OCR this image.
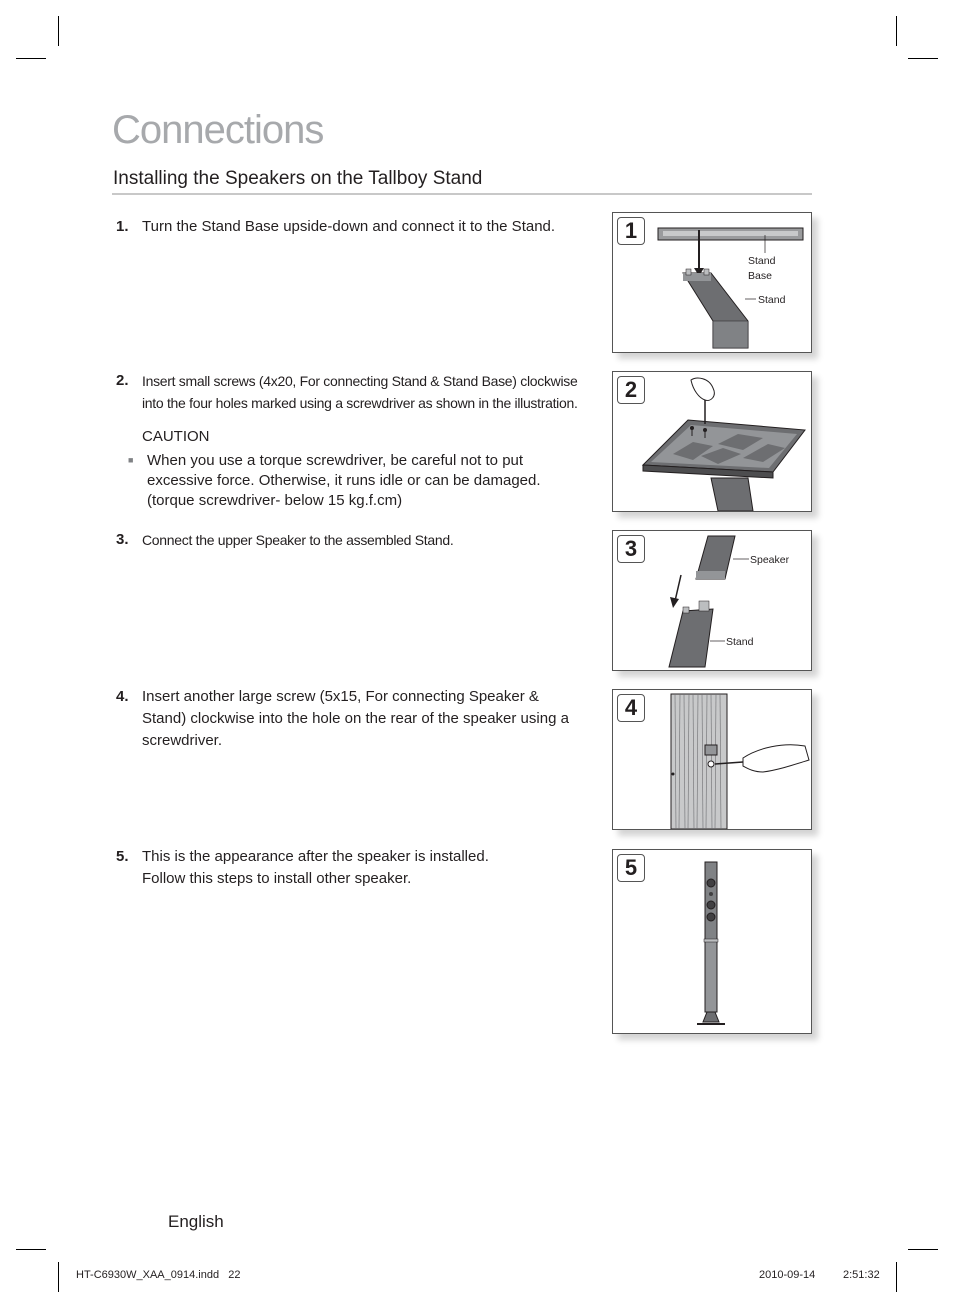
Connections
Installing the Speakers on the Tallboy Stand
1. Turn the Stand Base upside-down and connect it to the Stand.
2. Insert small screws (4x20, For connecting Stand & Stand Base) clockwise
into the four holes marked using a screwdriver as shown in the illustration.
CAUTION
■ When you use a torque screwdriver, be careful not to put excessive force. Otherwise, it runs idle or can be damaged. (torque screwdriver- below 15 kg.f.cm)
3. Connect the upper Speaker to the assembled Stand.
4. Insert another large screw (5x15, For connecting Speaker & Stand) clockwise into the hole on the rear of the speaker using a screwdriver.
5. This is the appearance after the speaker is installed.
Follow this steps to install other speaker.
1
Stand
Base
Stand
2
3	Speaker
Stand
4
5
English
HT-C6930W_XAA_0914.indd   22	2010-09-14	2:51:32
